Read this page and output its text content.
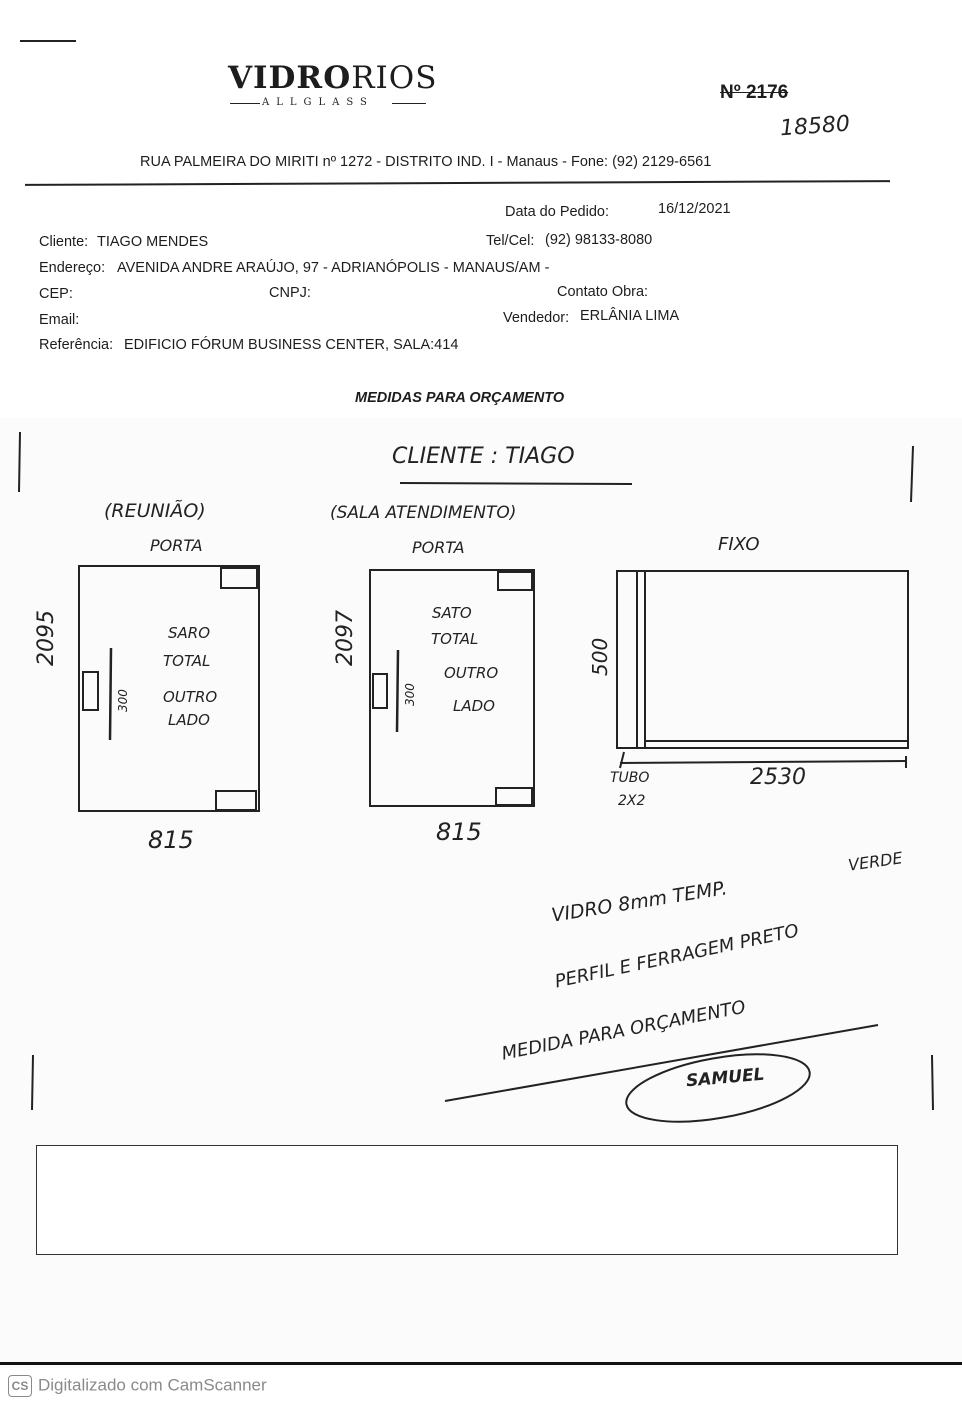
VIDRORIOS
ALLGLASS	Nº 2176
18580
RUA PALMEIRA DO MIRITI nº 1272 - DISTRITO IND. I - Manaus - Fone: (92) 2129-6561
Data do Pedido:	16/12/2021
Cliente: TIAGO MENDES	Tel/Cel: (92) 98133-8080
Endereço: AVENIDA ANDRE ARAÚJO, 97 - ADRIANÓPOLIS - MANAUS/AM -
CEP:	CNPJ:	Contato Obra:
Email:	Vendedor: ERLÂNIA LIMA
Referência: EDIFICIO FÓRUM BUSINESS CENTER, SALA:414
MEDIDAS PARA ORÇAMENTO
CLIENTE : TIAGO
(REUNIÃO)
PORTA
2095
300
SARO
TOTAL
OUTRO
LADO
815
(SALA ATENDIMENTO)
PORTA
2097
300
SATO
TOTAL
OUTRO
LADO
815
FIXO
500
2530
TUBO
2X2
VIDRO 8mm TEMP.
VERDE
PERFIL E FERRAGEM PRETO
MEDIDA PARA ORÇAMENTO
SAMUEL
CS Digitalizado com CamScanner
